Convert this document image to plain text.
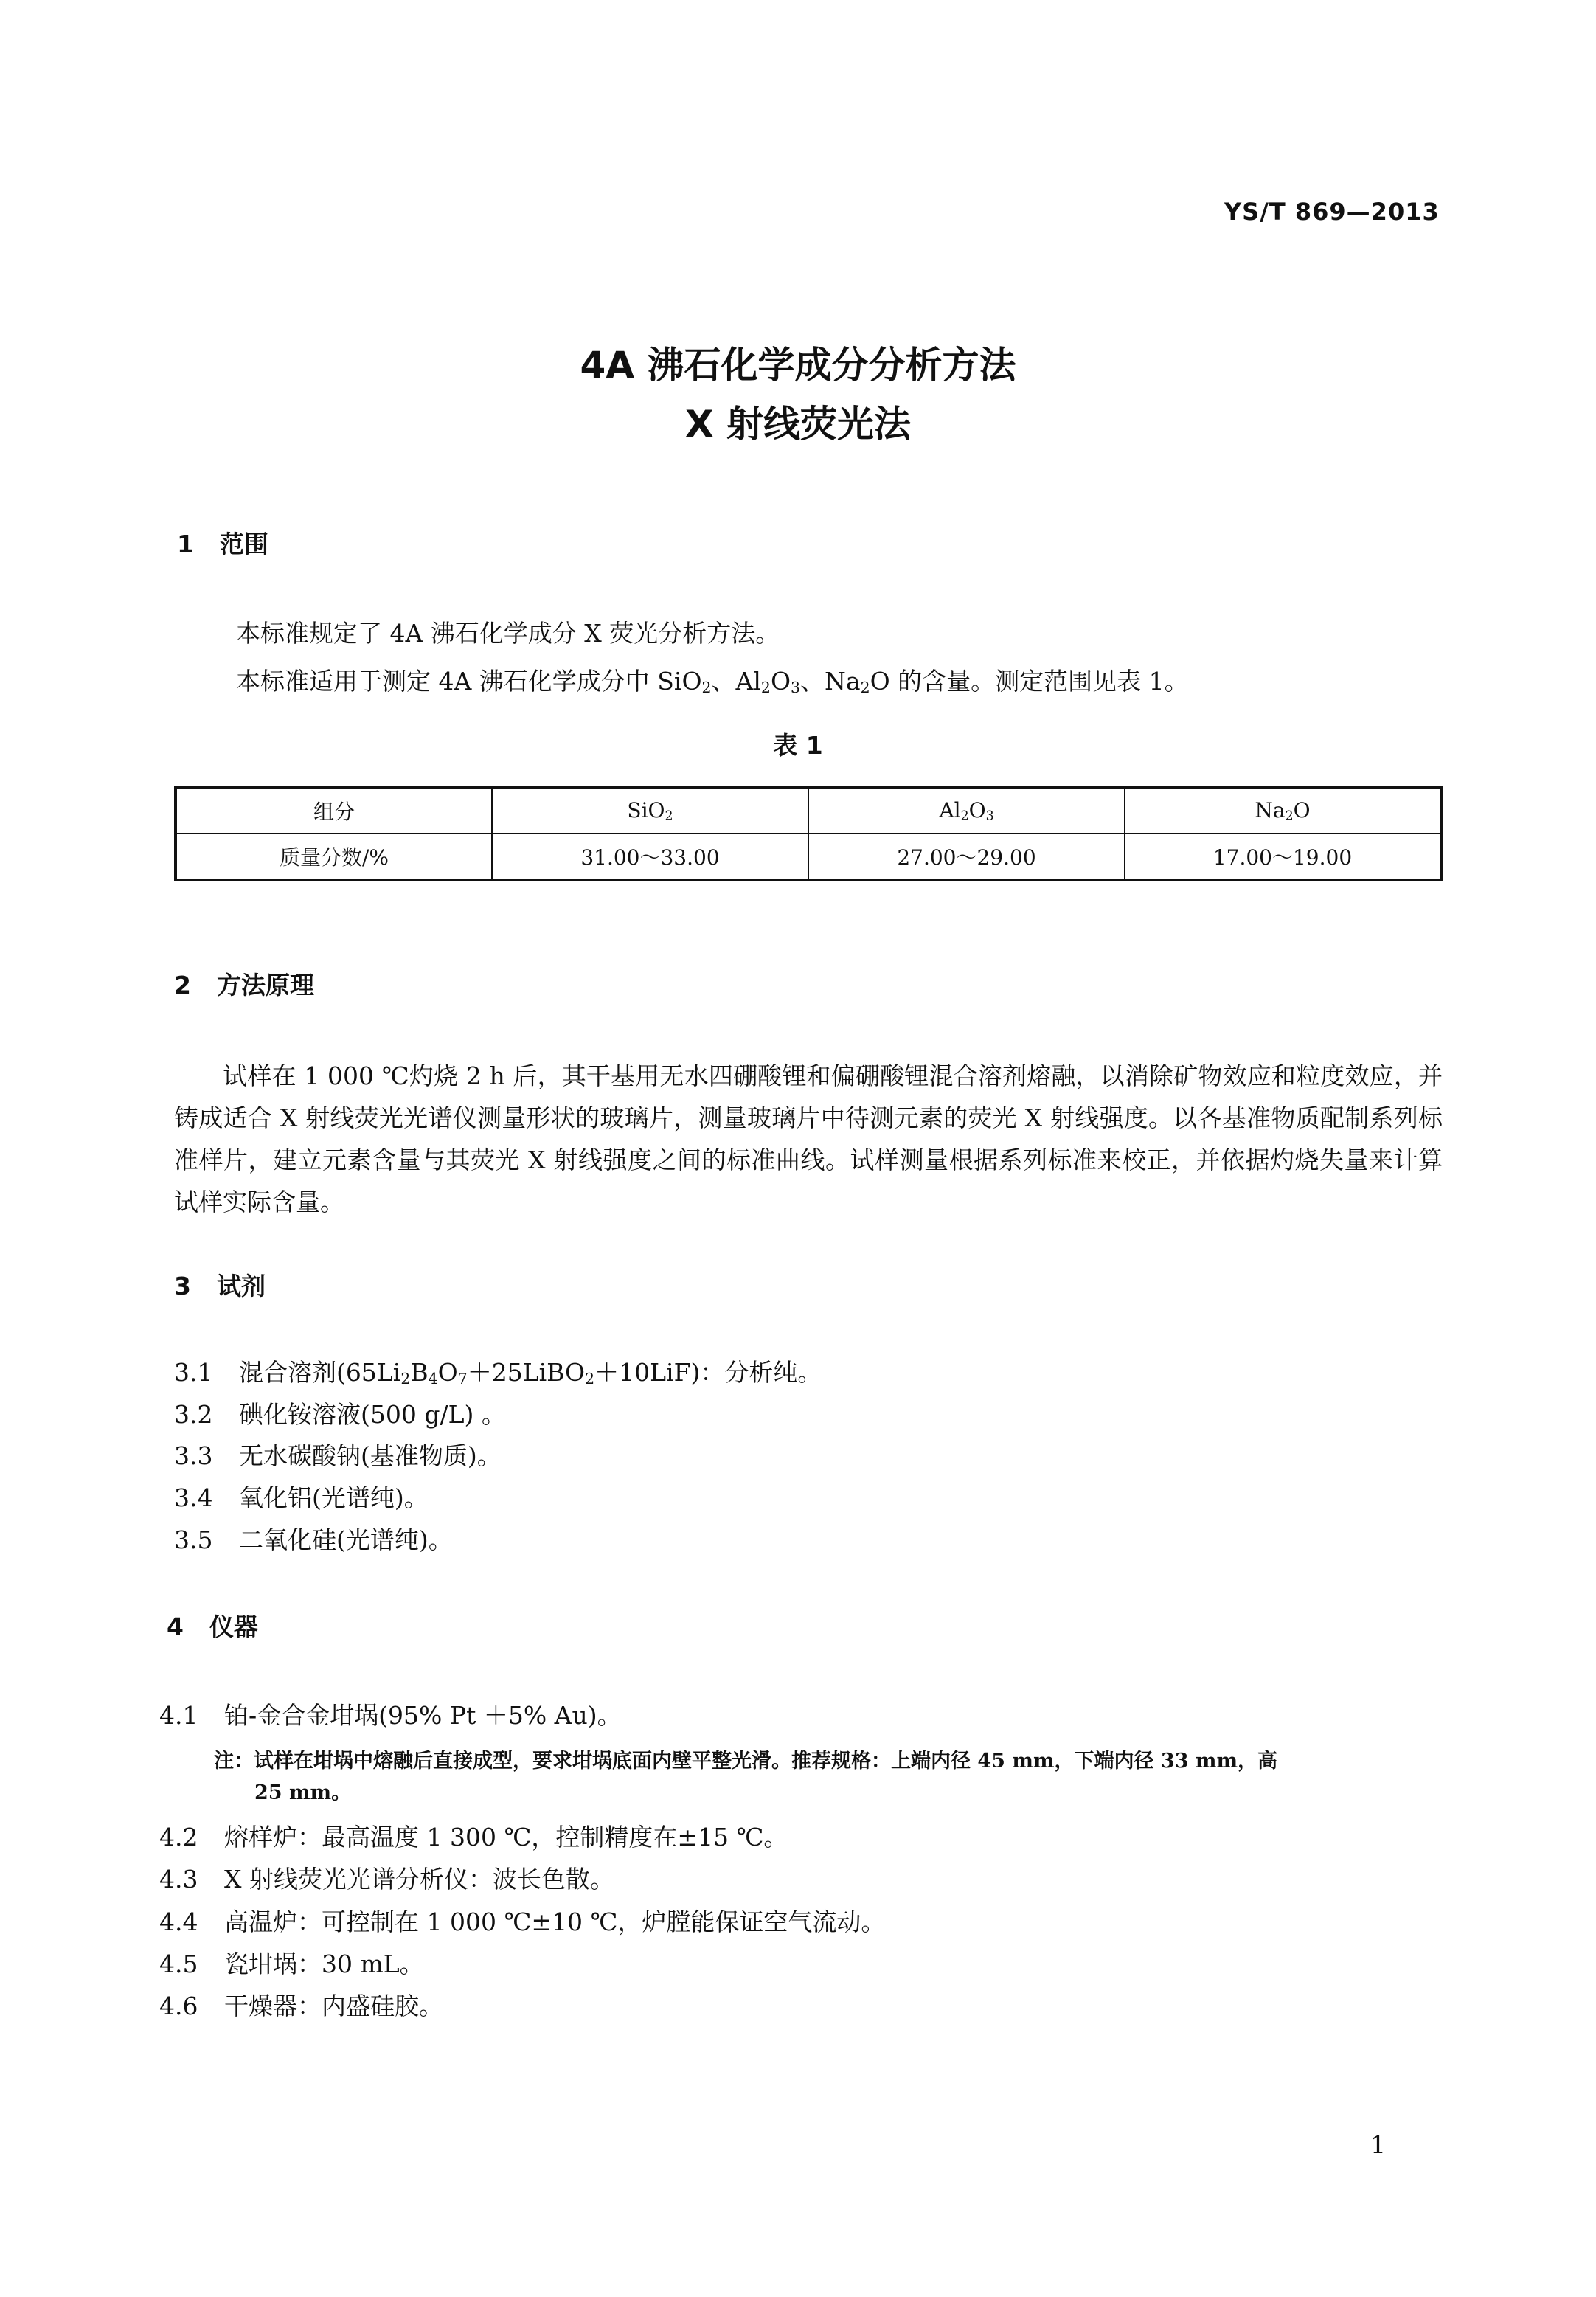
YS/T 869—2013
4A 沸石化学成分分析方法
X 射线荧光法
1 范围
本标准规定了 4A 沸石化学成分 X 荧光分析方法。
本标准适用于测定 4A 沸石化学成分中 SiO$_2$、$Al_2O_3$、$Na_2O$ 的含量。测定范围见表 1。
表 1
组分	SiO$_2$	$Al_2O_3$	$Na_2O$
质量分数/%	31.00～33.00	27.00～29.00	17.00～19.00
2 方法原理
试样在 1 000 ℃灼烧 2 h 后，其干基用无水四硼酸锂和偏硼酸锂混合溶剂熔融，以消除矿物效应和粒度效应，并铸成适合 X 射线荧光光谱仪测量形状的玻璃片，测量玻璃片中待测元素的荧光 X 射线强度。以各基准物质配制系列标准样片，建立元素含量与其荧光 X 射线强度之间的标准曲线。试样测量根据系列标准来校正，并依据灼烧失量来计算试样实际含量。
3 试剂
3.1 混合溶剂$(65Li_2B_4O_7+25LiBO_2+10LiF)$：分析纯。
3.2 碘化铵溶液(500 g/L) 。
3.3 无水碳酸钠(基准物质)。
3.4 氧化铝(光谱纯)。
3.5 二氧化硅(光谱纯)。
4 仪器
4.1 铂-金合金坩埚(95% Pt ＋5% Au)。
注：试样在坩埚中熔融后直接成型，要求坩埚底面内壁平整光滑。推荐规格：上端内径 45 mm，下端内径 33 mm，高
25 mm。
4.2 熔样炉：最高温度 1 300 ℃，控制精度在±15 ℃。
4.3 X 射线荧光光谱分析仪：波长色散。
4.4 高温炉：可控制在 1 000 ℃±10 ℃，炉膛能保证空气流动。
4.5 瓷坩埚：30 mL。
4.6 干燥器：内盛硅胶。
1
